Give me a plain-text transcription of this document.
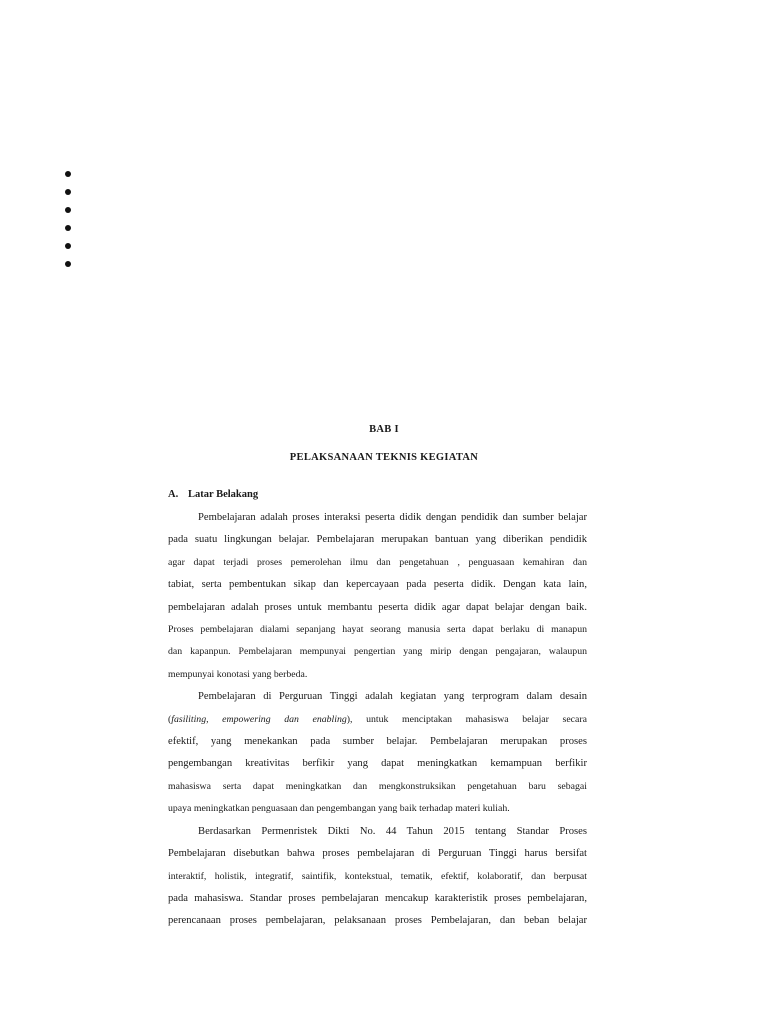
BAB I
PELAKSANAAN TEKNIS KEGIATAN
A. Latar Belakang

Pembelajaran adalah proses interaksi peserta didik dengan pendidik dan sumber belajar

pada suatu lingkungan belajar. Pembelajaran merupakan bantuan yang diberikan pendidik

agar dapat terjadi proses pemerolehan ilmu dan pengetahuan , penguasaan kemahiran dan

tabiat, serta pembentukan sikap dan kepercayaan pada peserta didik. Dengan kata lain,

pembelajaran adalah proses untuk membantu peserta didik agar dapat belajar dengan baik.

Proses pembelajaran dialami sepanjang hayat seorang manusia serta dapat berlaku di manapun

dan kapanpun. Pembelajaran mempunyai pengertian yang mirip dengan pengajaran, walaupun

mempunyai konotasi yang berbeda.

Pembelajaran di Perguruan Tinggi adalah kegiatan yang terprogram dalam desain

(fasiliting, empowering dan enabling), untuk menciptakan mahasiswa belajar secara

efektif, yang menekankan pada sumber belajar. Pembelajaran merupakan proses

pengembangan kreativitas berfikir yang dapat meningkatkan kemampuan berfikir

mahasiswa serta dapat meningkatkan dan mengkonstruksikan pengetahuan baru sebagai

upaya meningkatkan penguasaan dan pengembangan yang baik terhadap materi kuliah.

Berdasarkan Permenristek Dikti No. 44 Tahun 2015 tentang Standar Proses

Pembelajaran disebutkan bahwa proses pembelajaran di Perguruan Tinggi harus bersifat

interaktif, holistik, integratif, saintifik, kontekstual, tematik, efektif, kolaboratif, dan berpusat

pada mahasiswa. Standar proses pembelajaran mencakup karakteristik proses pembelajaran,

perencanaan proses pembelajaran, pelaksanaan proses Pembelajaran, dan beban belajar
